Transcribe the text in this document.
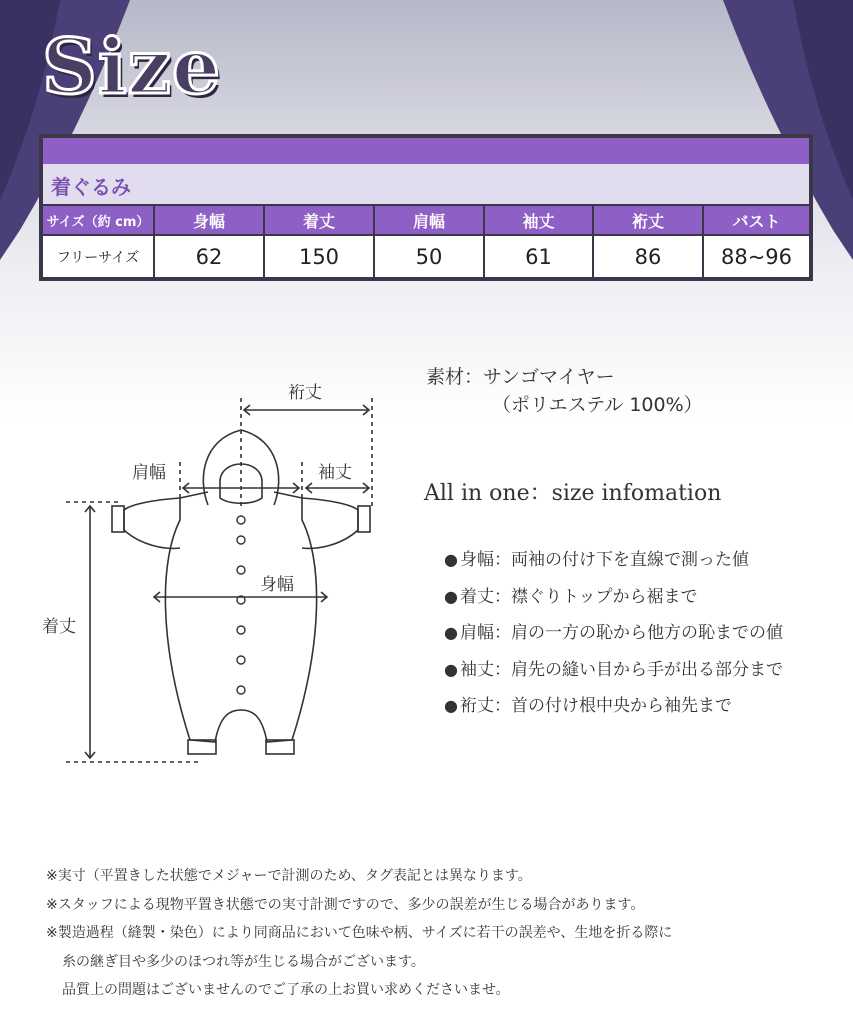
Size
着ぐるみ
サイズ（約 cm）	身幅	着丈	肩幅	袖丈	裄丈	バスト
フリーサイズ	62	150	50	61	86	88~96
裄丈
肩幅	袖丈
身幅
着丈
素材：サンゴマイヤー
（ポリエステル 100%）
All in one：size infomation
● 身幅：両袖の付け下を直線で測った値
● 着丈：襟ぐりトップから裾まで
● 肩幅：肩の一方の恥から他方の恥までの値
● 袖丈：肩先の縫い目から手が出る部分まで
● 裄丈：首の付け根中央から袖先まで
※実寸（平置きした状態でメジャーで計測のため、タグ表記とは異なります。
※スタッフによる現物平置き状態での実寸計測ですので、多少の誤差が生じる場合があります。
※製造過程（縫製・染色）により同商品において色味や柄、サイズに若干の誤差や、生地を折る際に
糸の継ぎ目や多少のほつれ等が生じる場合がございます。
品質上の問題はございませんのでご了承の上お買い求めくださいませ。
